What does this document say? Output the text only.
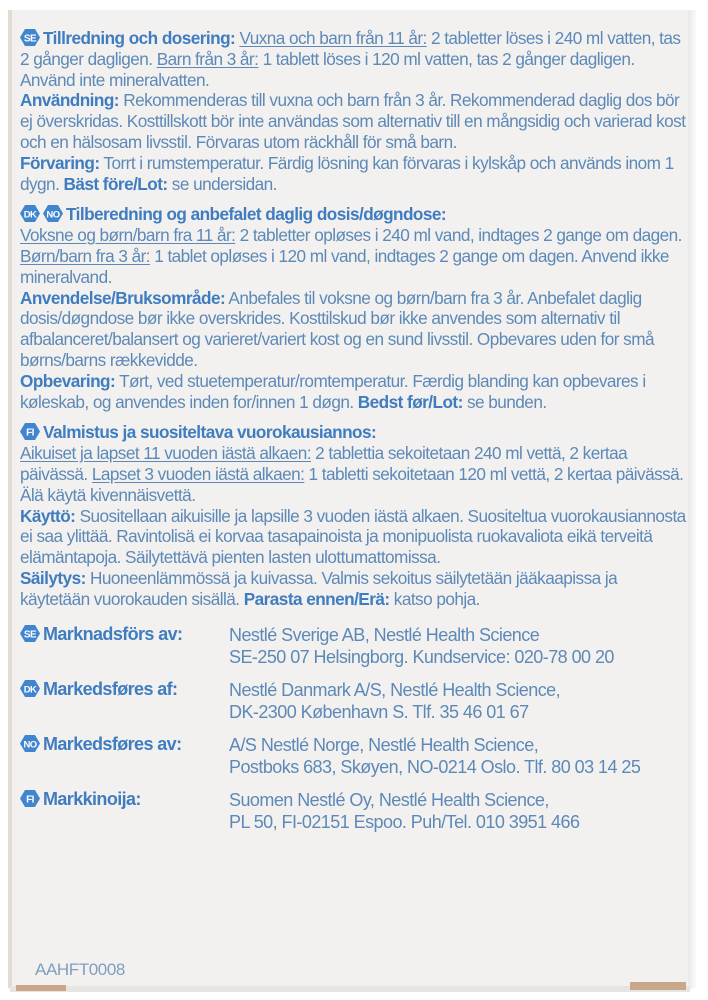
SE Tillredning och dosering: Vuxna och barn från 11 år: 2 tabletter löses i 240 ml vatten, tas 2 gånger dagligen. Barn från 3 år: 1 tablett löses i 120 ml vatten, tas 2 gånger dagligen. Använd inte mineralvatten.

Användning: Rekommenderas till vuxna och barn från 3 år. Rekommenderad daglig dos bör ej överskridas. Kosttillskott bör inte användas som alternativ till en mångsidig och varierad kost och en hälsosam livsstil. Förvaras utom räckhåll för små barn.

Förvaring: Torrt i rumstemperatur. Färdig lösning kan förvaras i kylskåp och används inom 1 dygn. Bäst före/Lot: se undersidan.

DK NO Tilberedning og anbefalet daglig dosis/døgndose:

Voksne og børn/barn fra 11 år: 2 tabletter opløses i 240 ml vand, indtages 2 gange om dagen. Børn/barn fra 3 år: 1 tablet opløses i 120 ml vand, indtages 2 gange om dagen. Anvend ikke mineralvand.

Anvendelse/Bruksområde: Anbefales til voksne og børn/barn fra 3 år. Anbefalet daglig dosis/døgndose bør ikke overskrides. Kosttilskud bør ikke anvendes som alternativ til afbalanceret/balansert og varieret/variert kost og en sund livsstil. Opbevares uden for små børns/barns rækkevidde.

Opbevaring: Tørt, ved stuetemperatur/romtemperatur. Færdig blanding kan opbevares i køleskab, og anvendes inden for/innen 1 døgn. Bedst før/Lot: se bunden.

FI Valmistus ja suositeltava vuorokausiannos:

Aikuiset ja lapset 11 vuoden iästä alkaen: 2 tablettia sekoitetaan 240 ml vettä, 2 kertaa päivässä. Lapset 3 vuoden iästä alkaen: 1 tabletti sekoitetaan 120 ml vettä, 2 kertaa päivässä. Älä käytä kivennäisvettä.

Käyttö: Suositellaan aikuisille ja lapsille 3 vuoden iästä alkaen. Suositeltua vuorokausiannosta ei saa ylittää. Ravintolisä ei korvaa tasapainoista ja monipuolista ruokavaliota eikä terveitä elämäntapoja. Säilytettävä pienten lasten ulottumattomissa.

Säilytys: Huoneenlämmössä ja kuivassa. Valmis sekoitus säilytetään jääkaapissa ja käytetään vuorokauden sisällä. Parasta ennen/Erä: katso pohja.

SE Marknadsförs av:	Nestlé Sverige AB, Nestlé Health Science
SE-250 07 Helsingborg. Kundservice: 020-78 00 20
DK Markedsføres af:	Nestlé Danmark A/S, Nestlé Health Science,
DK-2300 København S. Tlf. 35 46 01 67
NO Markedsføres av:	A/S Nestlé Norge, Nestlé Health Science,
Postboks 683, Skøyen, NO-0214 Oslo. Tlf. 80 03 14 25
FI Markkinoija:	Suomen Nestlé Oy, Nestlé Health Science,
PL 50, FI-02151 Espoo. Puh/Tel. 010 3951 466
AAHFT0008
